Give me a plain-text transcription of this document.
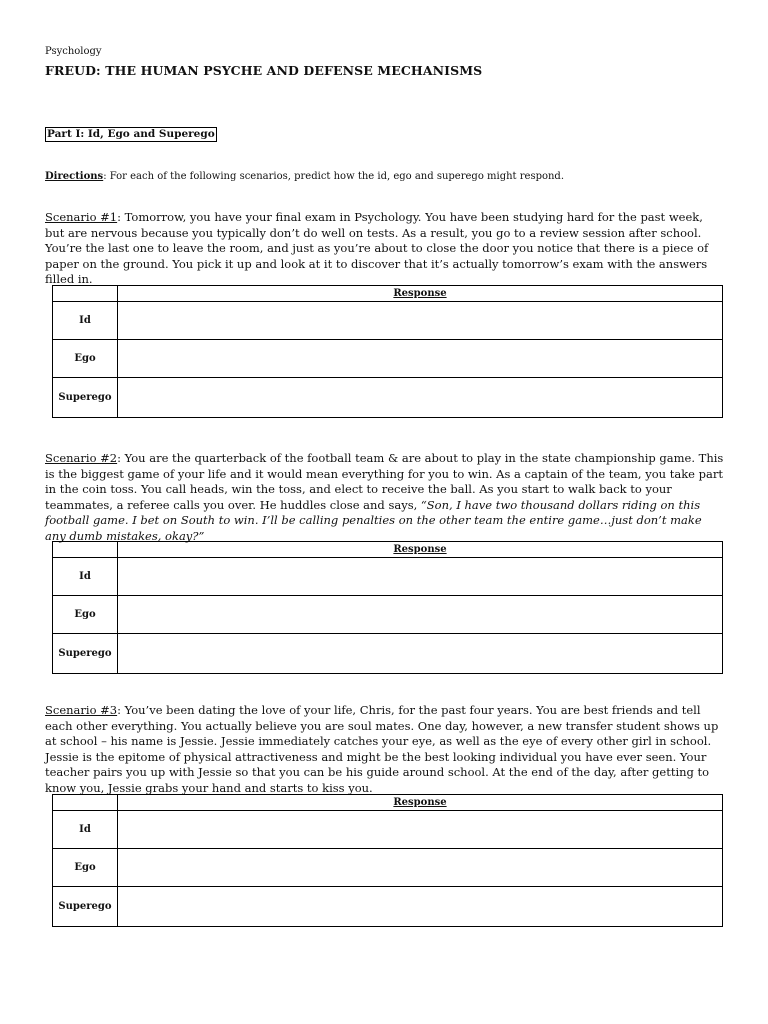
Psychology
FREUD: THE HUMAN PSYCHE AND DEFENSE MECHANISMS
Part I: Id, Ego and Superego
Directions: For each of the following scenarios, predict how the id, ego and superego might respond.
Scenario #1: Tomorrow, you have your final exam in Psychology. You have been studying hard for the past week, but are nervous because you typically don’t do well on tests. As a result, you go to a review session after school. You’re the last one to leave the room, and just as you’re about to close the door you notice that there is a piece of paper on the ground. You pick it up and look at it to discover that it’s actually tomorrow’s exam with the answers filled in.
	Response
Id	
Ego	
Superego	
Scenario #2: You are the quarterback of the football team & are about to play in the state championship game. This is the biggest game of your life and it would mean everything for you to win. As a captain of the team, you take part in the coin toss. You call heads, win the toss, and elect to receive the ball. As you start to walk back to your teammates, a referee calls you over. He huddles close and says, “Son, I have two thousand dollars riding on this football game. I bet on South to win. I’ll be calling penalties on the other team the entire game…just don’t make any dumb mistakes, okay?”
	Response
Id	
Ego	
Superego	
Scenario #3: You’ve been dating the love of your life, Chris, for the past four years. You are best friends and tell each other everything. You actually believe you are soul mates. One day, however, a new transfer student shows up at school – his name is Jessie. Jessie immediately catches your eye, as well as the eye of every other girl in school. Jessie is the epitome of physical attractiveness and might be the best looking individual you have ever seen. Your teacher pairs you up with Jessie so that you can be his guide around school. At the end of the day, after getting to know you, Jessie grabs your hand and starts to kiss you.
	Response
Id	
Ego	
Superego	
